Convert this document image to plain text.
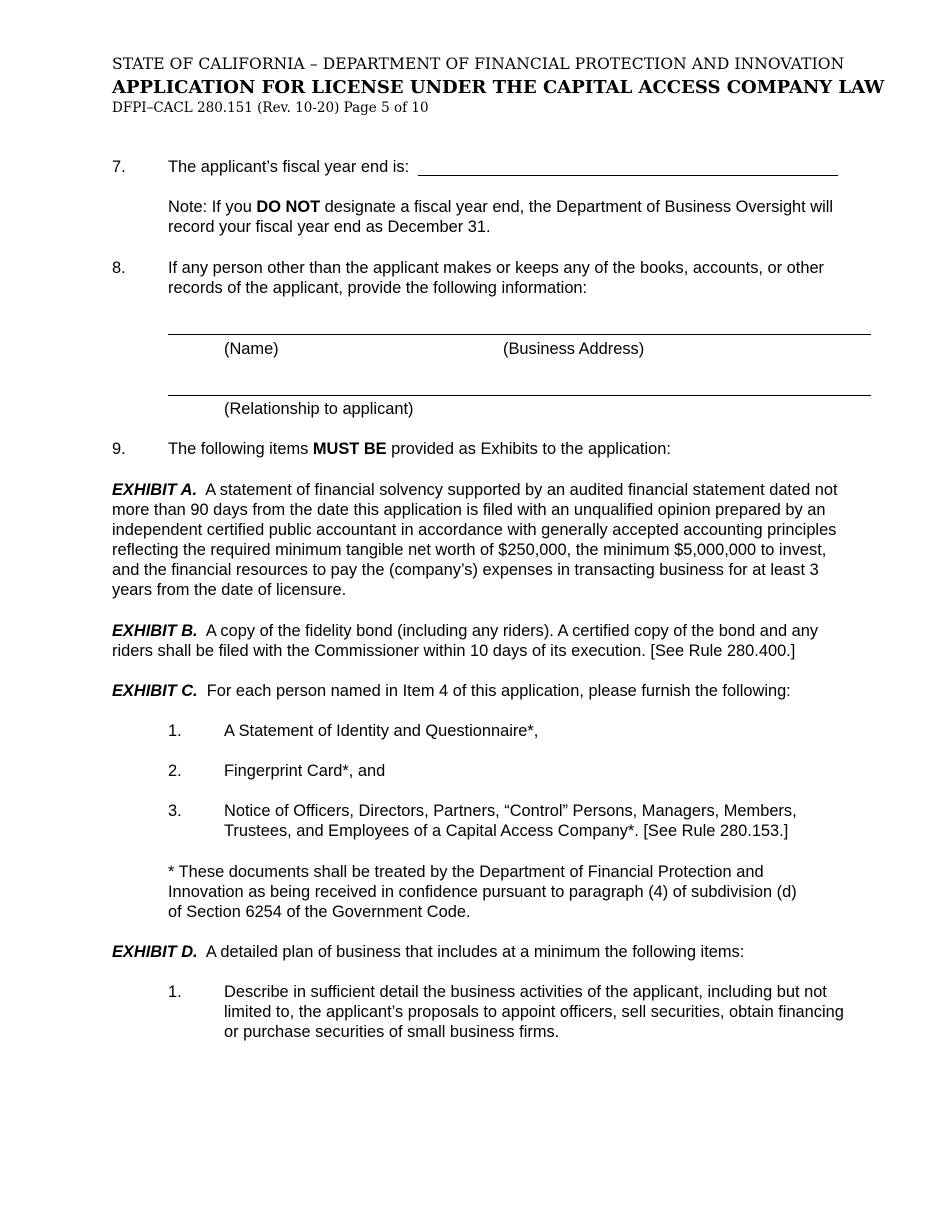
STATE OF CALIFORNIA – DEPARTMENT OF FINANCIAL PROTECTION AND INNOVATION
APPLICATION FOR LICENSE UNDER THE CAPITAL ACCESS COMPANY LAW
DFPI–CACL 280.151 (Rev. 10-20) Page 5 of 10
7.	The applicant’s fiscal year end is:
Note: If you DO NOT designate a fiscal year end, the Department of Business Oversight will
record your fiscal year end as December 31.
8.	If any person other than the applicant makes or keeps any of the books, accounts, or other
records of the applicant, provide the following information:
(Name)	(Business Address)
(Relationship to applicant)
9.	The following items MUST BE provided as Exhibits to the application:
EXHIBIT A. A statement of financial solvency supported by an audited financial statement dated not
more than 90 days from the date this application is filed with an unqualified opinion prepared by an
independent certified public accountant in accordance with generally accepted accounting principles
reflecting the required minimum tangible net worth of $250,000, the minimum $5,000,000 to invest,
and the financial resources to pay the (company’s) expenses in transacting business for at least 3
years from the date of licensure.
EXHIBIT B. A copy of the fidelity bond (including any riders). A certified copy of the bond and any
riders shall be filed with the Commissioner within 10 days of its execution. [See Rule 280.400.]
EXHIBIT C. For each person named in Item 4 of this application, please furnish the following:
1.	A Statement of Identity and Questionnaire*,
2.	Fingerprint Card*, and
3.	Notice of Officers, Directors, Partners, “Control” Persons, Managers, Members,
Trustees, and Employees of a Capital Access Company*. [See Rule 280.153.]
* These documents shall be treated by the Department of Financial Protection and
Innovation as being received in confidence pursuant to paragraph (4) of subdivision (d)
of Section 6254 of the Government Code.
EXHIBIT D. A detailed plan of business that includes at a minimum the following items:
1.	Describe in sufficient detail the business activities of the applicant, including but not
limited to, the applicant’s proposals to appoint officers, sell securities, obtain financing
or purchase securities of small business firms.
